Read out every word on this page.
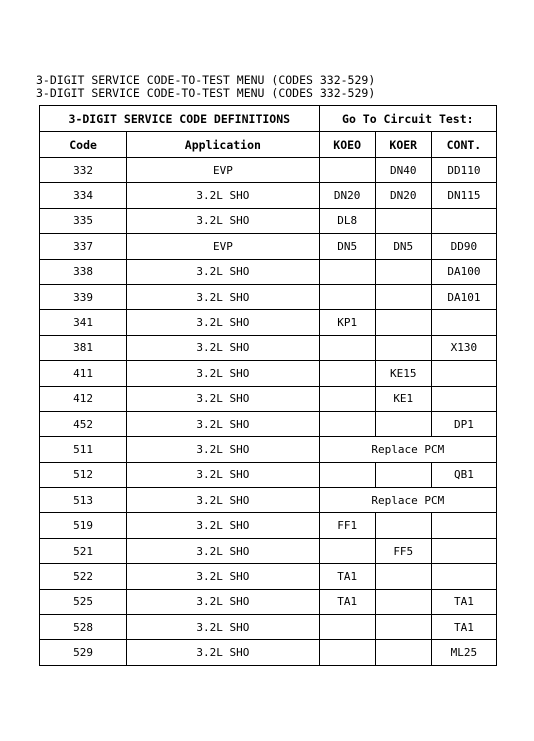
3-DIGIT SERVICE CODE-TO-TEST MENU (CODES 332-529)
3-DIGIT SERVICE CODE-TO-TEST MENU (CODES 332-529)
3-DIGIT SERVICE CODE DEFINITIONS		Go To Circuit Test:		
Code	Application	KOEO	KOER	CONT.
332	EVP		DN40	DD110
334	3.2L SHO	DN20	DN20	DN115
335	3.2L SHO	DL8		
337	EVP	DN5	DN5	DD90
338	3.2L SHO			DA100
339	3.2L SHO			DA101
341	3.2L SHO	KP1		
381	3.2L SHO			X130
411	3.2L SHO		KE15	
412	3.2L SHO		KE1	
452	3.2L SHO			DP1
511	3.2L SHO	Replace PCM		
512	3.2L SHO			QB1
513	3.2L SHO	Replace PCM		
519	3.2L SHO	FF1		
521	3.2L SHO		FF5	
522	3.2L SHO	TA1		
525	3.2L SHO	TA1		TA1
528	3.2L SHO			TA1
529	3.2L SHO			ML25
